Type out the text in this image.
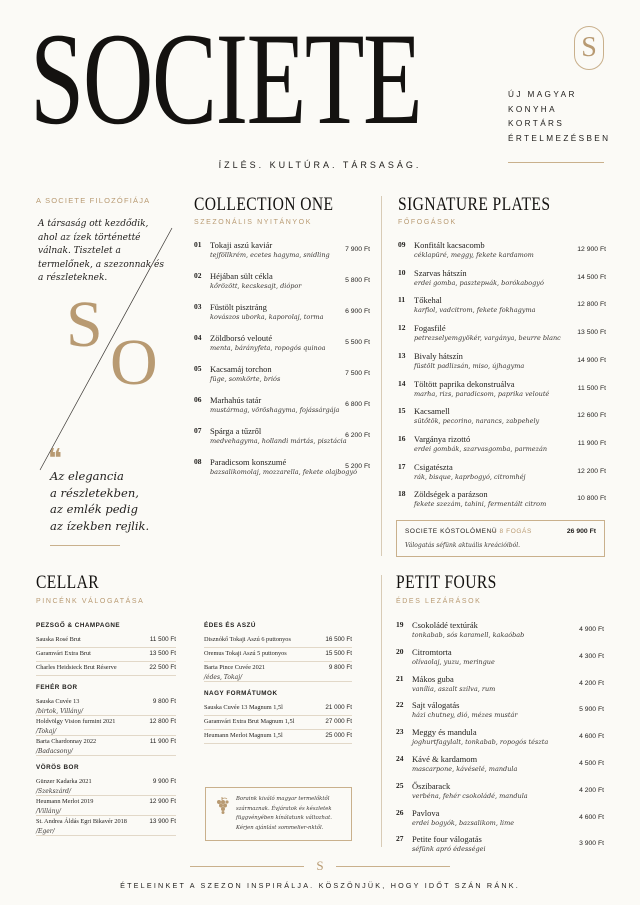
SOCIETE	S
ÚJ MAGYAR
KONYHA
KORTÁRS
ÉRTELMEZÉSBEN
ÍZLÉS. KULTÚRA. TÁRSASÁG.
A SOCIETE FILOZÓFIÁJA
A társaság ott kezdődik, ahol az ízek történetté válnak. Tisztelet a termelőnek, a szezonnak és a részleteknek.
S
O
❝
Az elegancia
a részletekben,
az emlék pedig
az ízekben rejlik.
COLLECTION ONE
SZEZONÁLIS NYITÁNYOK
01 Tokaji aszú kaviár
tejföllkrém, ecetes hagyma, snidling
7 900 Ft
02 Héjában sült cékla
kőrözött, kecskesajt, diópor
5 800 Ft
03 Füstölt pisztráng
kovászos uborka, kaporolaj, torma
6 900 Ft
04 Zöldborsó velouté
menta, bárányfeta, ropogós quinoa
5 500 Ft
05 Kacsamáj torchon
füge, somkörte, briós
7 500 Ft
06 Marhahús tatár
mustármag, vöröshagyma, fojássárgája
6 800 Ft
07 Spárga a tűzről
medvehagyma, hollandi mártás, pisztácia
6 200 Ft
08 Paradicsom konszumé
bazsalikomolaj, mozzarella, fekete olajbogyó
5 200 Ft
SIGNATURE PLATES
FŐFOGÁSOK
09 Konfitált kacsacomb
céklapüré, meggy, fekete kardamom
12 900 Ft
10 Szarvas hátszín
erdei gomba, pasztернák, borókabogyó
14 500 Ft
11 Tőkehal
karfiol, vadcitrom, fekete fokhagyma
12 800 Ft
12 Fogasfilé
petrezselyemgyökér, vargánya, beurre blanc
13 500 Ft
13 Bivaly hátszín
füstölt padlizsán, miso, újhagyma
14 900 Ft
14 Töltött paprika dekonstruálva
marha, rizs, paradicsom, paprika velouté
11 500 Ft
15 Kacsamell
sütőtök, pecorino, narancs, zabpehely
12 600 Ft
16 Vargánya rizottó
erdei gombák, szarvasgomba, parmezán
11 900 Ft
17 Csigatészta
rák, bisque, kaprbogyó, citromhéj
12 200 Ft
18 Zöldségek a parázson
fekete szezám, tahini, fermentált citrom
10 800 Ft
SOCIETE KÓSTOLÓMENÜ
— 8 FOGÁS	26 900 Ft
Válogatás séfünk aktuális kreációiból.
CELLAR
PINCÉNK VÁLOGATÁSA
PEZSGŐ & CHAMPAGNE
Sauska Rosé Brut	11 500 Ft
Garamvári Extra Brut	13 500 Ft
Charles Heidsieck Brut Réserve	22 500 Ft
FEHÉR BOR
Sauska Cuvée 13	9 800 Ft
/birtok, Villány/
Holdvölgy Vision furmint 2021	12 800 Ft
/Tokaj/
Barta Chardonnay 2022	11 900 Ft
/Badacsony/
VÖRÖS BOR
Günzer Kadarka 2021	9 900 Ft
/Szekszárd/
Heumann Merlot 2019	12 900 Ft
/Villány/
St. Andrea Áldás Egri Bikavér 2018	13 900 Ft
/Eger/
ÉDES ÉS ASZÚ
Disznókő Tokaji Aszú 6 puttonyos	16 500 Ft
Oremus Tokaji Aszú 5 puttonyos	15 500 Ft
Barta Pince Cuvée 2021	9 800 Ft
/édes, Tokaj/
NAGY FORMÁTUMOK
Sauska Cuvée 13 Magnum 1,5l	21 000 Ft
Garamvári Extra Brut Magnum 1,5l	27 000 Ft
Heumann Merlot Magnum 1,5l	25 000 Ft
Boraink kiváló magyar termelőktől származnak. Évjáratok és készletek függvényében kínálatunk változhat. Kérjen ajánlást sommelier-nktől.
PETIT FOURS
ÉDES LEZÁRÁSOK
19 Csokoládé textúrák
tonkabab, sós karamell, kakaóbab
4 900 Ft
20 Citromtorta
olívaolaj, yuzu, meringue
4 300 Ft
21 Mákos guba
vanília, aszalt szilva, rum
4 200 Ft
22 Sajt válogatás
házi chutney, dió, mézes mustár
5 900 Ft
23 Meggy és mandula
joghurtfagylalt, tonkabab, ropogós tészta
4 600 Ft
24 Kávé & kardamom
mascarpone, kávéselé, mandula
4 500 Ft
25 Őszibarack
verbéna, fehér csokoládé, mandula
4 200 Ft
26 Pavlova
erdei bogyók, bazsalikom, lime
4 600 Ft
27 Petite four válogatás
séfünk apró édességei
3 900 Ft
S
ÉTELEINKET A SZEZON INSPIRÁLJA. KÖSZÖNJÜK, HOGY IDŐT SZÁN RÁNK.
